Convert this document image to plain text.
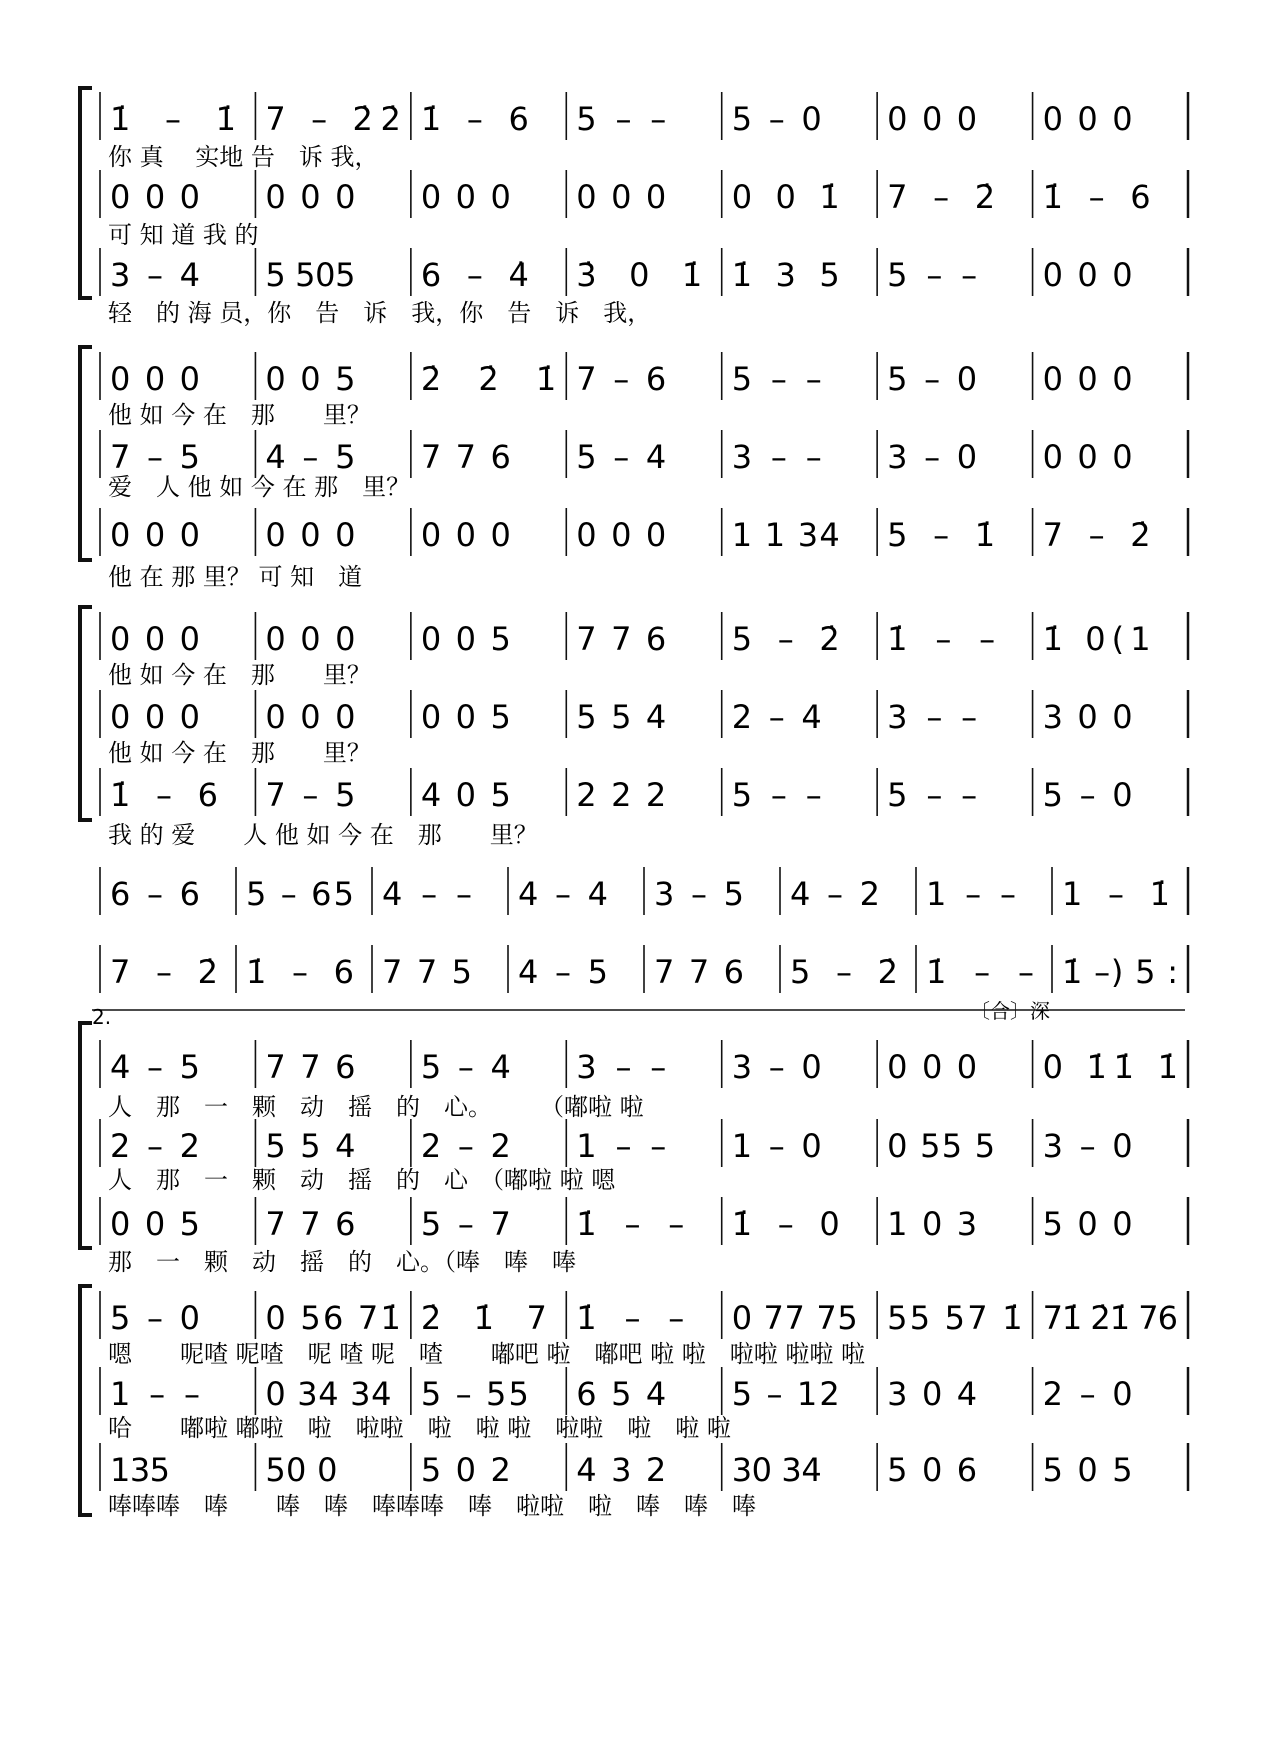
1̇ – 1̇ 7 – 2̇2̇ 1̇ – 6 5 – – 5 – 0 0 0 0 0 0 0
你 真　 实地 告　诉 我，
0 0 0 0 0 0 0 0 0 0 0 0 0 0 1̇ 7 – 2̇ 1̇ – 6
可 知 道 我 的
3 – 4 5 505 6 – 4̇ 3̇ 0 1̇ 1̇ 3 5 5 – – 0 0 0
轻　的 海 员，你　告　诉　我，你　告　诉　我，
0 0 0 0 0 5 2̇ 2̇ 1̇ 7 – 6 5 – – 5 – 0 0 0 0
他 如 今 在　那　　里？
7 – 5 4 – 5 7 7 6 5 – 4 3 – – 3 – 0 0 0 0
爱　人 他 如 今 在 那　里？
0 0 0 0 0 0 0 0 0 0 0 0 1 1 34 5 – 1̇ 7 – 2̇
他 在 那 里？ 可 知　道
0 0 0 0 0 0 0 0 5 7 7 6 5 – 2̇ 1̇ – – 1̇ 0(1
他 如 今 在　那　　里？
0 0 0 0 0 0 0 0 5 5 5 4 2 – 4 3 – – 3 0 0
他 如 今 在　那　　里？
1̇ – 6 7 – 5 4 0 5 2 2 2 5 – – 5 – – 5 – 0
我 的 爱　　人 他 如 今 在　那　　里？
6 – 6 5 – 65 4 – – 4 – 4 3 – 5 4 – 2 1 – – 1 – 1̇
7 – 2̇ 1̇ – 6 7 7 5 4 – 5 7 7 6 5 – 2̇ 1̇ – – 1̇ –) 5 :
〔合〕深
2.
4 – 5 7 7 6 5 – 4 3 – – 3 – 0 0 0 0 0 1̇1̇ 1̇
人　那　一　颗　动　摇　的　心。　　　（嘟啦 啦
2 – 2 5 5 4 2 – 2 1 – – 1 – 0 0 55 5 3 – 0
人　那　一　颗　动　摇　的　心　（嘟啦 啦 嗯
0 0 5 7 7 6 5 – 7 1̇ – – 1̇ – 0 1 0 3 5 0 0
那　一　颗　动　摇　的　心。（唪　唪　唪
5 – 0 0 56 71̇ 2̇ 1̇ 7 1̇ – – 0 77 75 55 57 1̇ 71̇ 2̇1̇ 76
嗯　　呢喳 呢喳　呢 喳 呢　喳　　嘟吧 啦　嘟吧 啦 啦　啦啦 啦啦 啦
1 – – 0 34 34 5 – 55 6 5 4 5 – 12 3 0 4 2 – 0
哈　　嘟啦 嘟啦　啦　啦啦　啦　啦 啦　啦啦　啦　啦 啦
135	50 0	5 0 2 4 3 2 30 34 5 0 6 5 0 5
唪唪唪　唪　　唪　唪　唪唪唪　唪　啦啦　啦　唪　唪　唪
